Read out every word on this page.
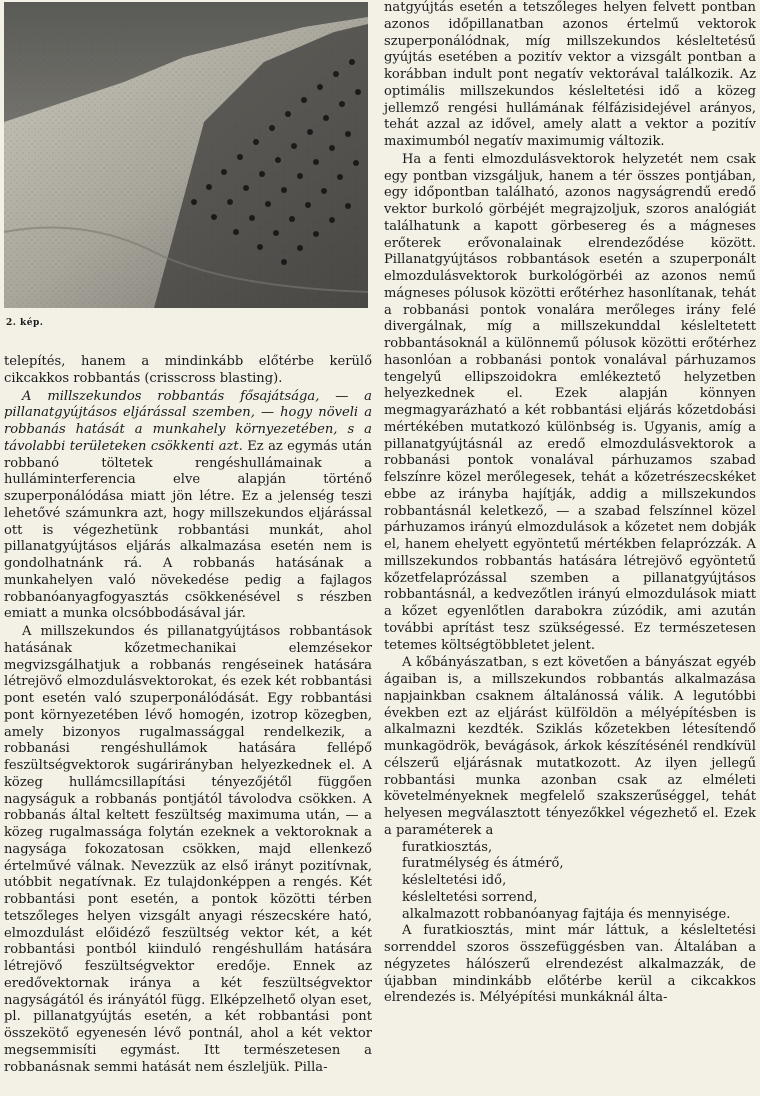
2. kép.

telepítés, hanem a mindinkább előtérbe kerülő cikcakkos robbantás (crisscross blasting).

A millszekundos robbantás fősajátsága, — a pillanatgyújtásos eljárással szemben, — hogy növeli a robbanás hatását a munkahely környezetében, s a távolabbi területeken csökkenti azt. Ez az egymás után robbanó töltetek rengéshullámainak a hulláminterferencia elve alapján történő szuperponálódása miatt jön létre. Ez a jelenség teszi lehetővé számunkra azt, hogy millszekundos eljárással ott is végezhetünk robbantási munkát, ahol pillanatgyújtásos eljárás alkalmazása esetén nem is gondolhatnánk rá. A robbanás hatásának a munkahelyen való növekedése pedig a fajlagos robbanóanyagfogyasztás csökkenésével s részben emiatt a munka olcsóbbodásával jár.

A millszekundos és pillanatgyújtásos robbantások hatásának kőzetmechanikai elemzésekor megvizsgálhatjuk a robbanás rengéseinek hatására létrejövő elmozdulásvektorokat, és ezek két robbantási pont esetén való szuperponálódását. Egy robbantási pont környezetében lévő homogén, izotrop közegben, amely bizonyos rugalmassággal rendelkezik, a robbanási rengéshullámok hatására fellépő feszültségvektorok sugárirányban helyezkednek el. A közeg hullámcsillapítási tényezőjétől függően nagyságuk a robbanás pontjától távolodva csökken. A robbanás által keltett feszültség maximuma után, — a közeg rugalmassága folytán ezeknek a vektoroknak a nagysága fokozatosan csökken, majd ellenkező értelművé válnak. Nevezzük az első irányt pozitívnak, utóbbit negatívnak. Ez tulajdonképpen a rengés. Két robbantási pont esetén, a pontok közötti térben tetszőleges helyen vizsgált anyagi részecskére ható, elmozdulást előidéző feszültség vektor két, a két robbantási pontból kiinduló rengéshullám hatására létrejövő feszültségvektor eredője. Ennek az eredővektornak iránya a két feszültségvektor nagyságától és irányától függ. Elképzelhető olyan eset, pl. pillanatgyújtás esetén, a két robbantási pont összekötő egyenesén lévő pontnál, ahol a két vektor megsemmisíti egymást. Itt természetesen a robbanásnak semmi hatását nem észleljük. Pilla-

natgyújtás esetén a tetszőleges helyen felvett pontban azonos időpillanatban azonos értelmű vektorok szuperponálódnak, míg millszekundos késleltetésű gyújtás esetében a pozitív vektor a vizsgált pontban a korábban indult pont negatív vektorával találkozik. Az optimális millszekundos késleltetési idő a közeg jellemző rengési hullámának félfázisidejével arányos, tehát azzal az idővel, amely alatt a vektor a pozitív maximumból negatív maximumig változik.

Ha a fenti elmozdulásvektorok helyzetét nem csak egy pontban vizsgáljuk, hanem a tér összes pontjában, egy időpontban található, azonos nagyságrendű eredő vektor burkoló görbéjét megrajzoljuk, szoros analógiát találhatunk a kapott görbesereg és a mágneses erőterek erővonalainak elrendeződése között. Pillanatgyújtásos robbantások esetén a szuperponált elmozdulásvektorok burkológörbéi az azonos nemű mágneses pólusok közötti erőtérhez hasonlítanak, tehát a robbanási pontok vonalára merőleges irány felé divergálnak, míg a millszekunddal késleltetett robbantásoknál a különnemű pólusok közötti erőtérhez hasonlóan a robbanási pontok vonalával párhuzamos tengelyű ellipszoidokra emlékeztető helyzetben helyezkednek el. Ezek alapján könnyen megmagyarázható a két robbantási eljárás kőzetdobási mértékében mutatkozó különbség is. Ugyanis, amíg a pillanatgyújtásnál az eredő elmozdulásvektorok a robbanási pontok vonalával párhuzamos szabad felszínre közel merőlegesek, tehát a kőzetrészecskéket ebbe az irányba hajítják, addig a millszekundos robbantásnál keletkező, — a szabad felszínnel közel párhuzamos irányú elmozdulások a kőzetet nem dobják el, hanem ehelyett egyöntetű mértékben felaprózzák. A millszekundos robbantás hatására létrejövő egyöntetű kőzetfelaprózással szemben a pillanatgyújtásos robbantásnál, a kedvezőtlen irányú elmozdulások miatt a kőzet egyenlőtlen darabokra zúzódik, ami azután további aprítást tesz szükségessé. Ez természetesen tetemes költségtöbbletet jelent.

A kőbányászatban, s ezt követően a bányászat egyéb ágaiban is, a millszekundos robbantás alkalmazása napjainkban csaknem általánossá válik. A legutóbbi években ezt az eljárást külföldön a mélyépítésben is alkalmazni kezdték. Sziklás kőzetekben létesítendő munkagödrök, bevágások, árkok készítésénél rendkívül célszerű eljárásnak mutatkozott. Az ilyen jellegű robbantási munka azonban csak az elméleti követelményeknek megfelelő szakszerűséggel, tehát helyesen megválasztott tényezőkkel végezhető el. Ezek a paraméterek a

furatkiosztás,
furatmélység és átmérő,
késleltetési idő,
késleltetési sorrend,
alkalmazott robbanóanyag fajtája és mennyisége.

A furatkiosztás, mint már láttuk, a késleltetési sorrenddel szoros összefüggésben van. Általában a négyzetes hálószerű elrendezést alkalmazzák, de újabban mindinkább előtérbe kerül a cikcakkos elrendezés is. Mélyépítési munkáknál álta-
